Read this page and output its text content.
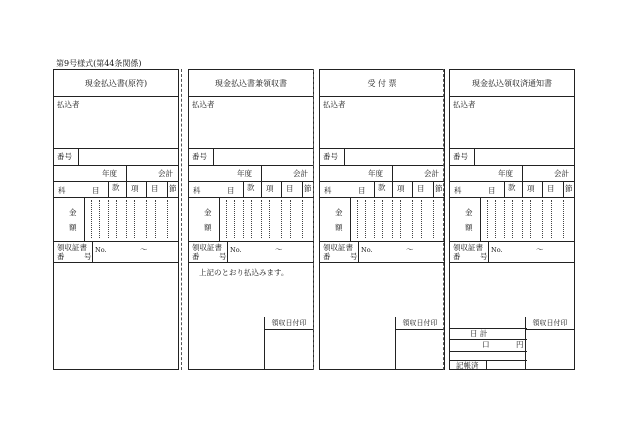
第9号様式(第44条関係)
現金払込書(原符)
払込者
番号
年度	会計
科	目 款 項 目 節
金
額
領収証書
番	号
No.	〜
現金払込書兼領収書
払込者
番号
年度	会計
科	目 款 項 目 節
金
額
領収証書
番	号
No.	〜
上記のとおり払込みます。
領収日付印
受 付 票
払込者
番号
年度	会計
科	目 款 項 目 節
金
額
領収証書
番	号
No.	〜
領収日付印
現金払込領収済通知書
払込者
番号
年度	会計
科	目 款 項 目 節
金
額
領収証書
番	号
No.	〜
領収日付印
日 計
口	円
記帳済
